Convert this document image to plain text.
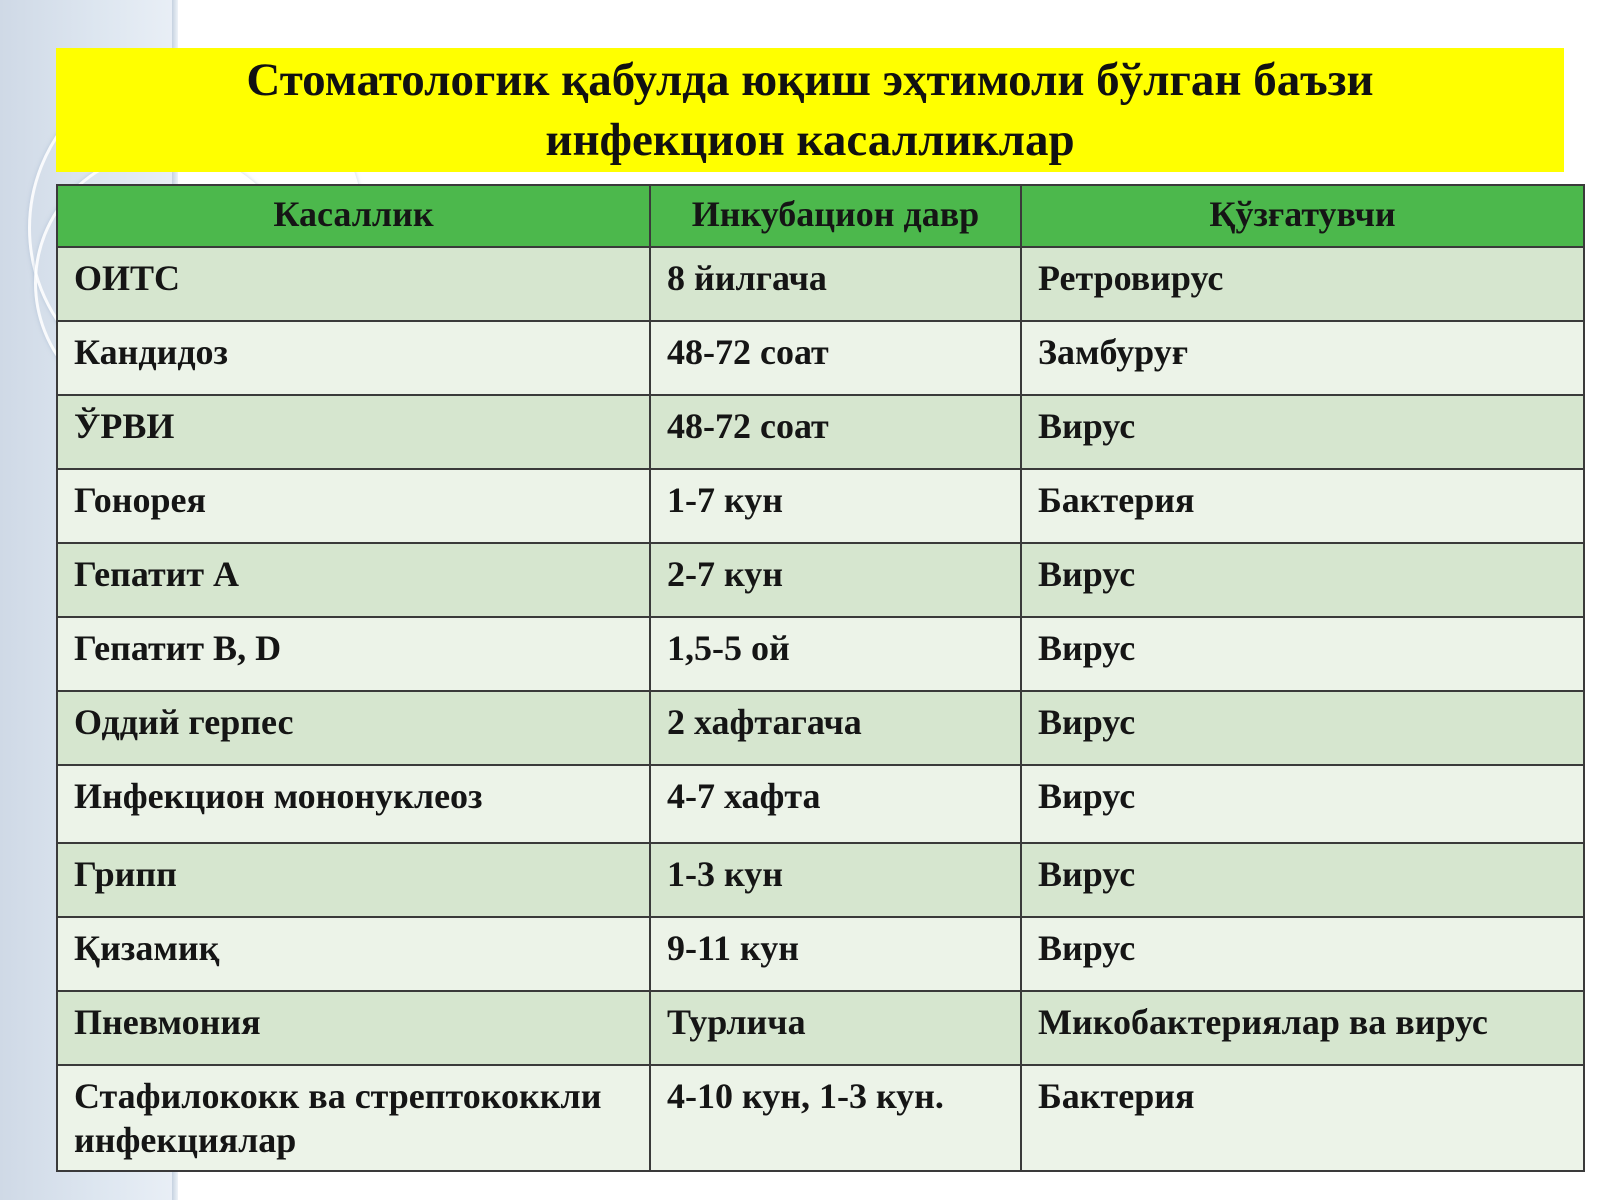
Стоматологик қабулда юқиш эҳтимоли бўлган баъзи
инфекцион касалликлар
Касаллик	Инкубацион давр	Қўзғатувчи
ОИТС	8 йилгача	Ретровирус
Кандидоз	48-72 соат	Замбуруғ
ЎРВИ	48-72 соат	Вирус
Гонорея	1-7 кун	Бактерия
Гепатит А	2-7 кун	Вирус
Гепатит В, D	1,5-5 ой	Вирус
Оддий герпес	2 хафтагача	Вирус
Инфекцион мононуклеоз	4-7 хафта	Вирус
Грипп	1-3 кун	Вирус
Қизамиқ	9-11 кун	Вирус
Пневмония	Турлича	Микобактериялар ва вирус
Стафилококк ва стрептококкли инфекциялар	4-10 кун, 1-3 кун.	Бактерия
